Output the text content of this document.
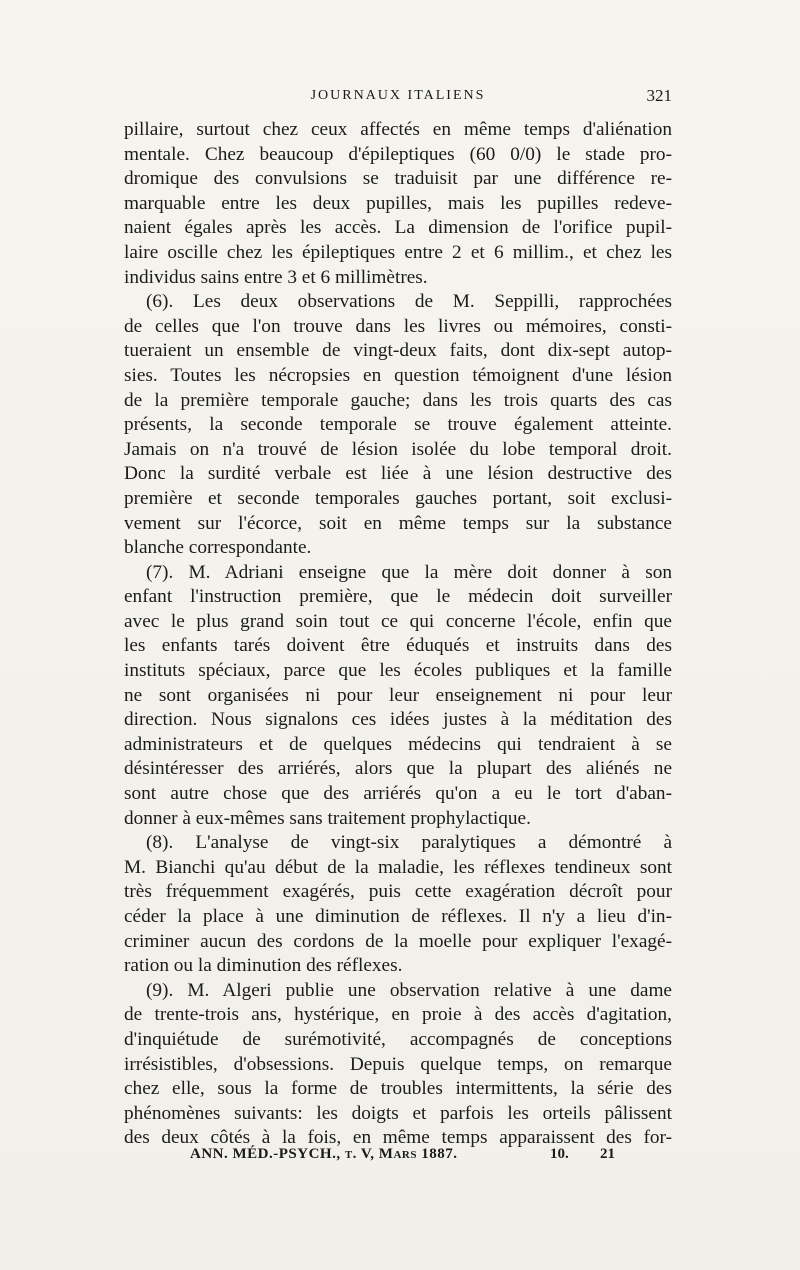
JOURNAUX ITALIENS	321
pillaire, surtout chez ceux affectés en même temps d'aliénation
mentale. Chez beaucoup d'épileptiques (60 0/0) le stade pro-
dromique des convulsions se traduisit par une différence re-
marquable entre les deux pupilles, mais les pupilles redeve-
naient égales après les accès. La dimension de l'orifice pupil-
laire oscille chez les épileptiques entre 2 et 6 millim., et chez les
individus sains entre 3 et 6 millimètres.
(6). Les deux observations de M. Seppilli, rapprochées
de celles que l'on trouve dans les livres ou mémoires, consti-
tueraient un ensemble de vingt-deux faits, dont dix-sept autop-
sies. Toutes les nécropsies en question témoignent d'une lésion
de la première temporale gauche; dans les trois quarts des cas
présents, la seconde temporale se trouve également atteinte.
Jamais on n'a trouvé de lésion isolée du lobe temporal droit.
Donc la surdité verbale est liée à une lésion destructive des
première et seconde temporales gauches portant, soit exclusi-
vement sur l'écorce, soit en même temps sur la substance
blanche correspondante.
(7). M. Adriani enseigne que la mère doit donner à son
enfant l'instruction première, que le médecin doit surveiller
avec le plus grand soin tout ce qui concerne l'école, enfin que
les enfants tarés doivent être éduqués et instruits dans des
instituts spéciaux, parce que les écoles publiques et la famille
ne sont organisées ni pour leur enseignement ni pour leur
direction. Nous signalons ces idées justes à la méditation des
administrateurs et de quelques médecins qui tendraient à se
désintéresser des arriérés, alors que la plupart des aliénés ne
sont autre chose que des arriérés qu'on a eu le tort d'aban-
donner à eux-mêmes sans traitement prophylactique.
(8). L'analyse de vingt-six paralytiques a démontré à
M. Bianchi qu'au début de la maladie, les réflexes tendineux sont
très fréquemment exagérés, puis cette exagération décroît pour
céder la place à une diminution de réflexes. Il n'y a lieu d'in-
criminer aucun des cordons de la moelle pour expliquer l'exagé-
ration ou la diminution des réflexes.
(9). M. Algeri publie une observation relative à une dame
de trente-trois ans, hystérique, en proie à des accès d'agitation,
d'inquiétude de surémotivité, accompagnés de conceptions
irrésistibles, d'obsessions. Depuis quelque temps, on remarque
chez elle, sous la forme de troubles intermittents, la série des
phénomènes suivants: les doigts et parfois les orteils pâlissent
des deux côtés à la fois, en même temps apparaissent des for-
ANN. MÉD.-PSYCH., t. V, Mars 1887.	10. 21
